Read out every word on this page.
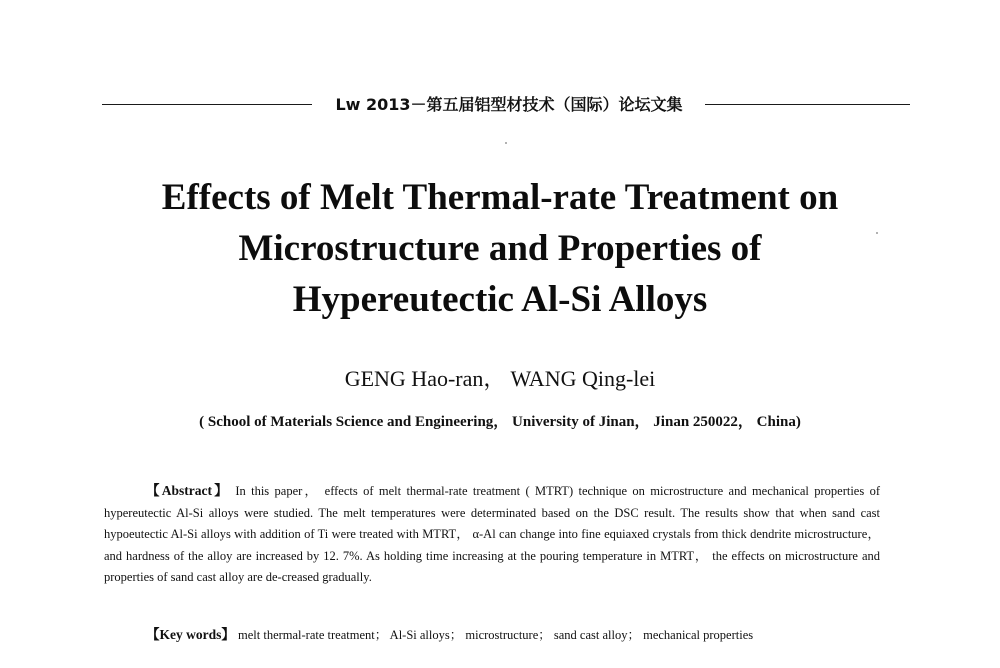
Lw 2013－第五届铝型材技术（国际）论坛文集
Effects of Melt Thermal-rate Treatment on
Microstructure and Properties of
Hypereutectic Al-Si Alloys
GENG Hao-ran， WANG Qing-lei
( School of Materials Science and Engineering， University of Jinan， Jinan 250022， China)

【Abstract】 In this paper， effects of melt thermal-rate treatment ( MTRT) technique on microstructure and mechanical properties of hypereutectic Al-Si alloys were studied. The melt temperatures were determinated based on the DSC result. The results show that when sand cast hypoeutectic Al-Si alloys with addition of Ti were treated with MTRT， α-Al can change into fine equiaxed crystals from thick dendrite microstructure， and hardness of the alloy are increased by 12. 7%. As holding time increasing at the pouring temperature in MTRT， the effects on microstructure and properties of sand cast alloy are de-creased gradually.

【Key words】 melt thermal-rate treatment； Al-Si alloys； microstructure； sand cast alloy； mechanical properties
